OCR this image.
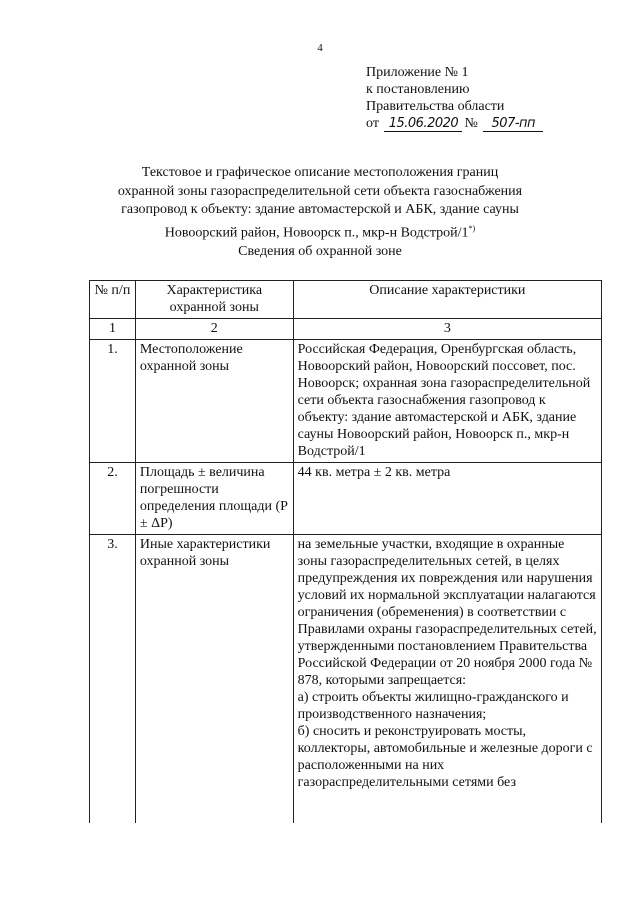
4
Приложение № 1
к постановлению
Правительства области
от 15.06.2020 № 507-пп
Текстовое и графическое описание местоположения границ
охранной зоны газораспределительной сети объекта газоснабжения
газопровод к объекту: здание автомастерской и АБК, здание сауны
Новоорский район, Новоорск п., мкр-н Водстрой/1*)
Сведения об охранной зоне
№ п/п	Характеристика охранной зоны	Описание характеристики
1	2	3
1.	Местоположение охранной зоны	Российская Федерация, Оренбургская область, Новоорский район, Новоорский поссовет, пос. Новоорск; охранная зона газораспределительной сети объекта газоснабжения газопровод к объекту: здание автомастерской и АБК, здание сауны Новоорский район, Новоорск п., мкр-н Водстрой/1
2.	Площадь ± величина погрешности определения площади (P ± ΔP)	44 кв. метра ± 2 кв. метра
3.	Иные характеристики охранной зоны	на земельные участки, входящие в охранные зоны газораспределительных сетей, в целях предупреждения их повреждения или нарушения условий их нормальной эксплуатации налагаются ограничения (обременения) в соответствии с Правилами охраны газораспределительных сетей, утвержденными постановлением Правительства Российской Федерации от 20 ноября 2000 года № 878, которыми запрещается:
а) строить объекты жилищно-гражданского и производственного назначения;
б) сносить и реконструировать мосты, коллекторы, автомобильные и железные дороги с расположенными на них газораспределительными сетями без
